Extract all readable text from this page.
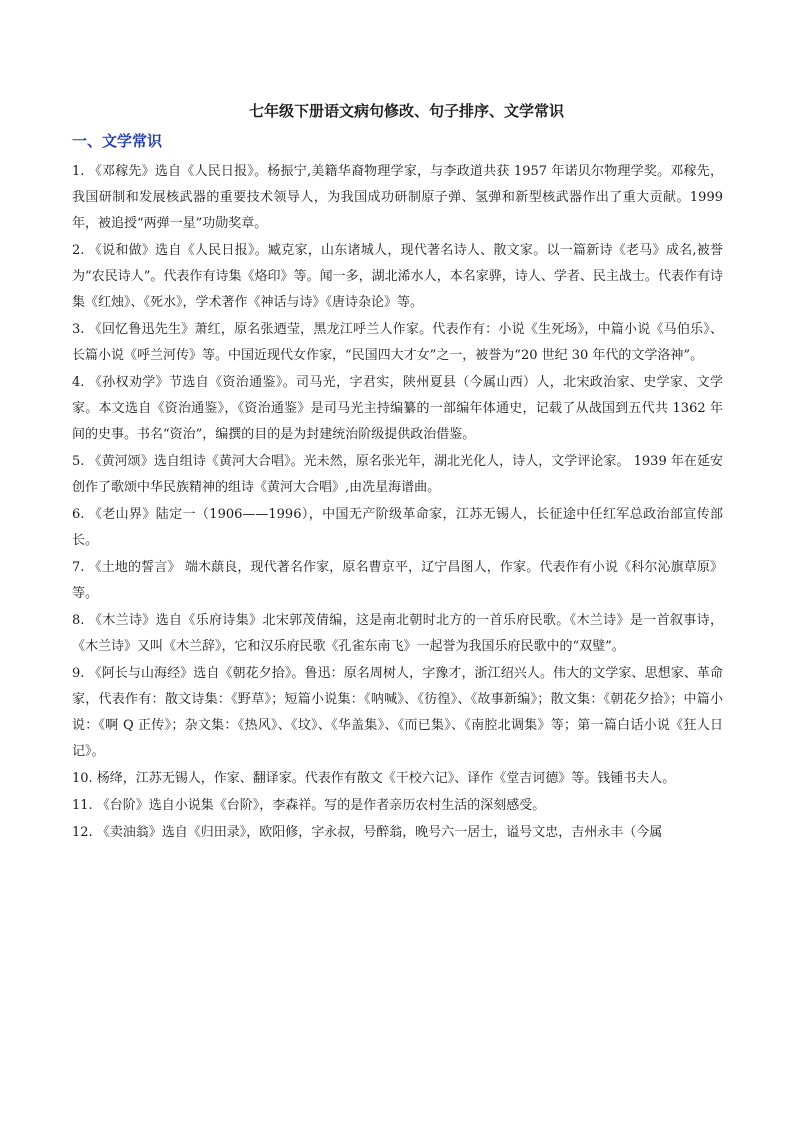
七年级下册语文病句修改、句子排序、文学常识
一、文学常识

1. 《邓稼先》选自《人民日报》。杨振宁,美籍华裔物理学家，与李政道共获 1957 年诺贝尔物理学奖。邓稼先，我国研制和发展核武器的重要技术领导人，为我国成功研制原子弹、氢弹和新型核武器作出了重大贡献。1999 年，被追授“两弹一星”功勋奖章。

2. 《说和做》选自《人民日报》。臧克家，山东诸城人，现代著名诗人、散文家。以一篇新诗《老马》成名,被誉为“农民诗人”。代表作有诗集《烙印》等。闻一多，湖北浠水人，本名家骅，诗人、学者、民主战士。代表作有诗集《红烛》、《死水》，学术著作《神话与诗》《唐诗杂论》等。

3. 《回忆鲁迅先生》萧红，原名张迺莹，黑龙江呼兰人作家。代表作有：小说《生死场》，中篇小说《马伯乐》、长篇小说《呼兰河传》等。中国近现代女作家，“民国四大才女”之一，被誉为“20 世纪 30 年代的文学洛神”。

4. 《孙权劝学》节选自《资治通鉴》。司马光，字君实，陕州夏县（今属山西）人，北宋政治家、史学家、文学家。本文选自《资治通鉴》，《资治通鉴》是司马光主持编纂的一部编年体通史，记载了从战国到五代共 1362 年间的史事。书名“资治”，编撰的目的是为封建统治阶级提供政治借鉴。

5. 《黄河颂》选自组诗《黄河大合唱》。光未然，原名张光年，湖北光化人，诗人，文学评论家。 1939 年在延安创作了歌颂中华民族精神的组诗《黄河大合唱》,由冼星海谱曲。

6. 《老山界》陆定一（1906——1996），中国无产阶级革命家，江苏无锡人，长征途中任红军总政治部宣传部长。

7. 《土地的誓言》 端木蕻良，现代著名作家，原名曹京平，辽宁昌图人，作家。代表作有小说《科尔沁旗草原》等。

8. 《木兰诗》选自《乐府诗集》北宋郭茂倩编，这是南北朝时北方的一首乐府民歌。《木兰诗》是一首叙事诗，《木兰诗》又叫《木兰辞》，它和汉乐府民歌《孔雀东南飞》一起誉为我国乐府民歌中的“双璧”。

9. 《阿长与山海经》选自《朝花夕拾》。鲁迅：原名周树人，字豫才，浙江绍兴人。伟大的文学家、思想家、革命家，代表作有：散文诗集：《野草》；短篇小说集：《呐喊》、《彷徨》、《故事新编》；散文集：《朝花夕拾》；中篇小说：《啊 Q 正传》；杂文集：《热风》、《坟》、《华盖集》、《而已集》、《南腔北调集》等；第一篇白话小说《狂人日记》。

10. 杨绛，江苏无锡人，作家、翻译家。代表作有散文《干校六记》、译作《堂吉诃德》等。钱锺书夫人。

11. 《台阶》选自小说集《台阶》，李森祥。写的是作者亲历农村生活的深刻感受。

12. 《卖油翁》选自《归田录》，欧阳修，字永叔，号醉翁，晚号六一居士，谥号文忠，吉州永丰（今属
